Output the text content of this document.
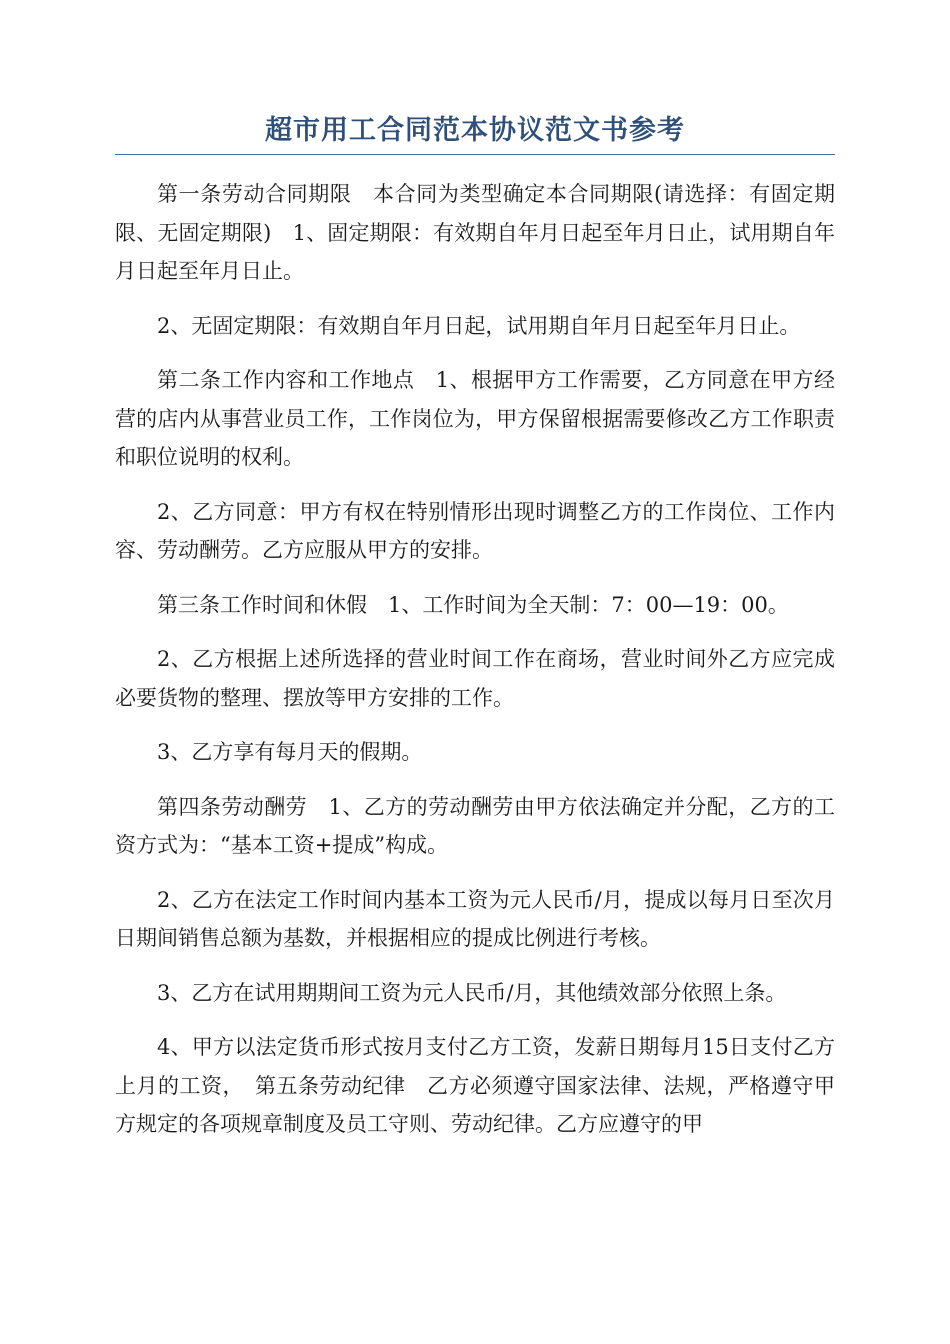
超市用工合同范本协议范文书参考

第一条劳动合同期限　本合同为类型确定本合同期限(请选择：有固定期限、无固定期限)　1、固定期限：有效期自年月日起至年月日止，试用期自年月日起至年月日止。

2、无固定期限：有效期自年月日起，试用期自年月日起至年月日止。

第二条工作内容和工作地点　1、根据甲方工作需要，乙方同意在甲方经营的店内从事营业员工作，工作岗位为，甲方保留根据需要修改乙方工作职责和职位说明的权利。

2、乙方同意：甲方有权在特别情形出现时调整乙方的工作岗位、工作内容、劳动酬劳。乙方应服从甲方的安排。

第三条工作时间和休假　1、工作时间为全天制：7：00—19：00。

2、乙方根据上述所选择的营业时间工作在商场，营业时间外乙方应完成必要货物的整理、摆放等甲方安排的工作。

3、乙方享有每月天的假期。

第四条劳动酬劳　1、乙方的劳动酬劳由甲方依法确定并分配，乙方的工资方式为：“基本工资+提成”构成。

2、乙方在法定工作时间内基本工资为元人民币/月，提成以每月日至次月日期间销售总额为基数，并根据相应的提成比例进行考核。

3、乙方在试用期期间工资为元人民币/月，其他绩效部分依照上条。

4、甲方以法定货币形式按月支付乙方工资，发薪日期每月15日支付乙方上月的工资，　第五条劳动纪律　乙方必须遵守国家法律、法规，严格遵守甲方规定的各项规章制度及员工守则、劳动纪律。乙方应遵守的甲
